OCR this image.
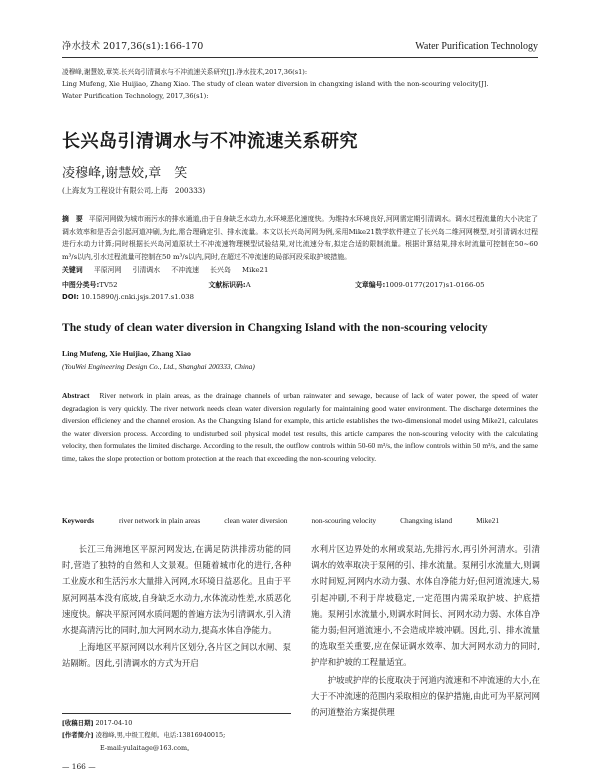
净水技术 2017,36(s1):166-170	Water Purification Technology
凌穆峰,谢慧姣,章笑.长兴岛引清调水与不冲流速关系研究[J].净水技术,2017,36(s1):
Ling Mufeng, Xie Huijiao, Zhang Xiao. The study of clean water diversion in changxing island with the non-scouring velocity[J].
Water Purification Technology, 2017,36(s1):
长兴岛引清调水与不冲流速关系研究
凌穆峰,谢慧姣,章　笑
(上海友为工程设计有限公司,上海　200333)
摘　要 平原河网做为城市雨污水的排水通道,由于自身缺乏水动力,水环境恶化速度快。为维持水环境良好,河网需定期引清调水。调水过程流量的大小决定了调水效率和是否会引起河道冲刷,为此,需合理确定引、排水流量。本文以长兴岛河网为例,采用Mike21数学软件建立了长兴岛二维河网模型,对引清调水过程进行水动力计算;同时根据长兴岛河道原状土不冲流速物理模型试验结果,对比流速分布,拟定合适的限制流量。根据计算结果,排水时流量可控制在50~60 m³/s以内,引水过程流量可控制在50 m³/s以内,同时,在超过不冲流速的局部河段采取护坡措施。
关键词 平原河网 引清调水 不冲流速 长兴岛 Mike21
中图分类号:TV52	文献标识码:A	文章编号:1009-0177(2017)s1-0166-05
DOI: 10.15890/j.cnki.jsjs.2017.s1.038
The study of clean water diversion in Changxing Island with the non-scouring velocity
Ling Mufeng, Xie Huijiao, Zhang Xiao
(YouWei Engineering Design Co., Ltd., Shanghai 200333, China)
Abstract River network in plain areas, as the drainage channels of urban rainwater and sewage, because of lack of water power, the speed of water degradagion is very quickly. The river network needs clean water diversion regularly for maintaining good water environment. The discharge determines the diversion efficieney and the channel erosion. As the Changxing Island for example, this article establishes the two-dimensional model using Mike21, calculates the water diversion process. According to undisturbed soil physical model test results, this article campares the non-scouring velocity with the calculating velocity, then formulates the limited discharge. According to the result, the outflow controls within 50-60 m³/s, the inflow controls within 50 m³/s, and the same time, takes the slope protection or bottom protection at the reach that exceeding the non-scouring velocity.
Keywords	river network in plain areas	clean water diversion	non-scouring velocity	Changxing island	Mike21

长江三角洲地区平原河网发达,在满足防洪排涝功能的同时,营造了独特的自然和人文景观。但随着城市化的进行,各种工业废水和生活污水大量排入河网,水环境日益恶化。且由于平原河网基本没有底坡,自身缺乏水动力,水体流动性差,水质恶化速度快。解决平原河网水质问题的普遍方法为引清调水,引入清水提高清污比的同时,加大河网水动力,提高水体自净能力。

上海地区平原河网以水利片区划分,各片区之间以水闸、泵站隔断。因此,引清调水的方式为开启

水利片区边界处的水闸或泵站,先排污水,再引外河清水。引清调水的效率取决于泵闸的引、排水流量。泵闸引水流量大,则调水时间短,河网内水动力强、水体自净能力好;但河道流速大,易引起冲刷,不利于岸坡稳定,一定范围内需采取护坡、护底措施。泵闸引水流量小,则调水时间长、河网水动力弱、水体自净能力弱;但河道流速小,不会造成岸坡冲刷。因此,引、排水流量的选取至关重要,应在保证调水效率、加大河网水动力的同时,护岸和护坡的工程量适宜。

护坡或护岸的长度取决于河道内流速和不冲流速的大小,在大于不冲流速的范围内采取相应的保护措施,由此可为平原河网的河道整治方案提供理

[收稿日期] 2017-04-10
[作者简介] 凌穆峰,男,中级工程师。电话:13816940015;
E-mail:yulaitage@163.com。
— 166 —
